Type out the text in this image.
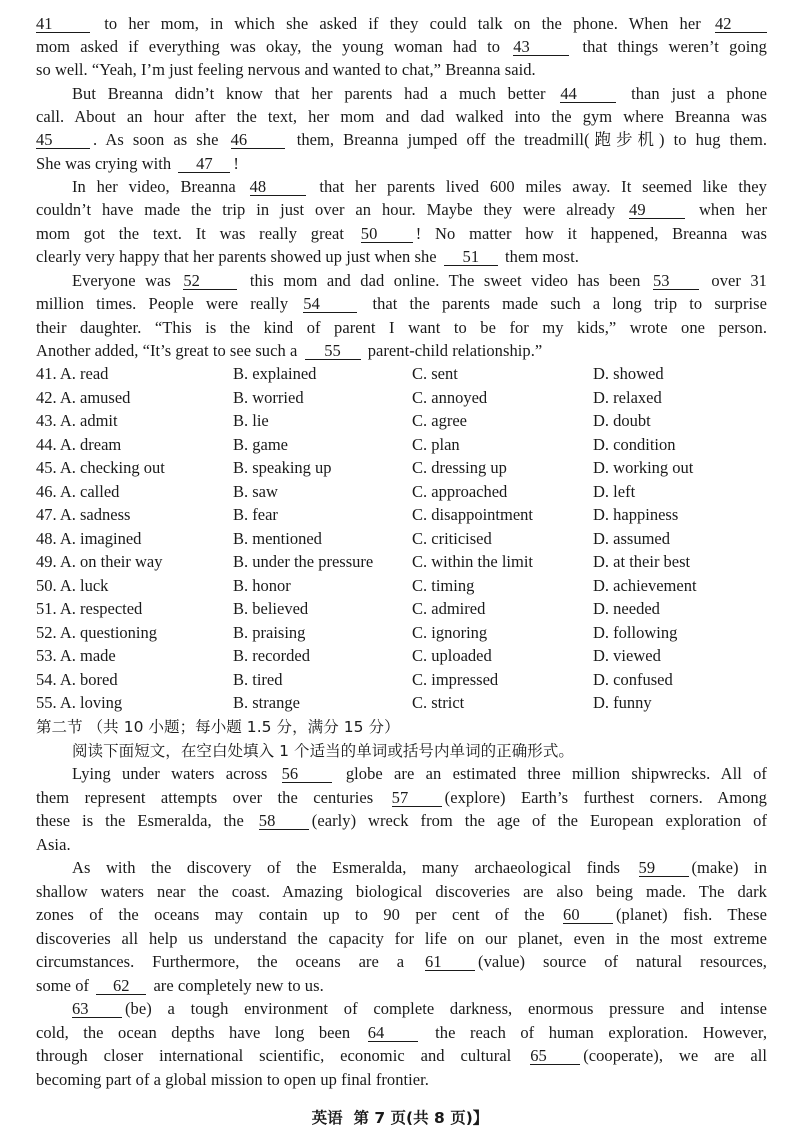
41	to her mom, in which she asked if they could talk on the phone. When her 42
mom asked if everything was okay, the young woman had to 43	that things weren’t going
so well. “Yeah, I’m just feeling nervous and wanted to chat,” Breanna said.
But Breanna didn’t know that her parents had a much better 44	than just a phone
call. About an hour after the text, her mom and dad walked into the gym where Breanna was
45 . As soon as she 46	them, Breanna jumped off the treadmill(跑步机) to hug them.
She was crying with 47 !
In her video, Breanna 48	that her parents lived 600 miles away. It seemed like they
couldn’t have made the trip in just over an hour. Maybe they were already 49	when her
mom got the text. It was really great 50 ! No matter how it happened, Breanna was
clearly very happy that her parents showed up just when she 51 them most.
Everyone was 52	this mom and dad online. The sweet video has been 53	over 31
million times. People were really 54	that the parents made such a long trip to surprise
their daughter. “This is the kind of parent I want to be for my kids,” wrote one person.
Another added, “It’s great to see such a 55 parent-child relationship.”
41. A. read	B. explained	C. sent	D. showed
42. A. amused	B. worried	C. annoyed	D. relaxed
43. A. admit	B. lie	C. agree	D. doubt
44. A. dream	B. game	C. plan	D. condition
45. A. checking out	B. speaking up	C. dressing up	D. working out
46. A. called	B. saw	C. approached	D. left
47. A. sadness	B. fear	C. disappointment	D. happiness
48. A. imagined	B. mentioned	C. criticised	D. assumed
49. A. on their way	B. under the pressure C. within the limit	D. at their best
50. A. luck	B. honor	C. timing	D. achievement
51. A. respected	B. believed	C. admired	D. needed
52. A. questioning	B. praising	C. ignoring	D. following
53. A. made	B. recorded	C. uploaded	D. viewed
54. A. bored	B. tired	C. impressed	D. confused
55. A. loving	B. strange	C. strict	D. funny
第二节 （共 10 小题；每小题 1.5 分，满分 15 分）
阅读下面短文，在空白处填入 1 个适当的单词或括号内单词的正确形式。
Lying under waters across 56	globe are an estimated three million shipwrecks. All of
them represent attempts over the centuries 57 (explore) Earth’s furthest corners. Among
these is the Esmeralda, the 58 (early) wreck from the age of the European exploration of
Asia.
As with the discovery of the Esmeralda, many archaeological finds 59 (make) in
shallow waters near the coast. Amazing biological discoveries are also being made. The dark
zones of the oceans may contain up to 90 per cent of the 60 (planet) fish. These
discoveries all help us understand the capacity for life on our planet, even in the most extreme
circumstances. Furthermore, the oceans are a 61 (value) source of natural resources,
some of 62 are completely new to us.
63 (be) a tough environment of complete darkness, enormous pressure and intense
cold, the ocean depths have long been 64	the reach of human exploration. However,
through closer international scientific, economic and cultural 65 (cooperate), we are all
becoming part of a global mission to open up final frontier.
英语 第 7 页(共 8 页)】
